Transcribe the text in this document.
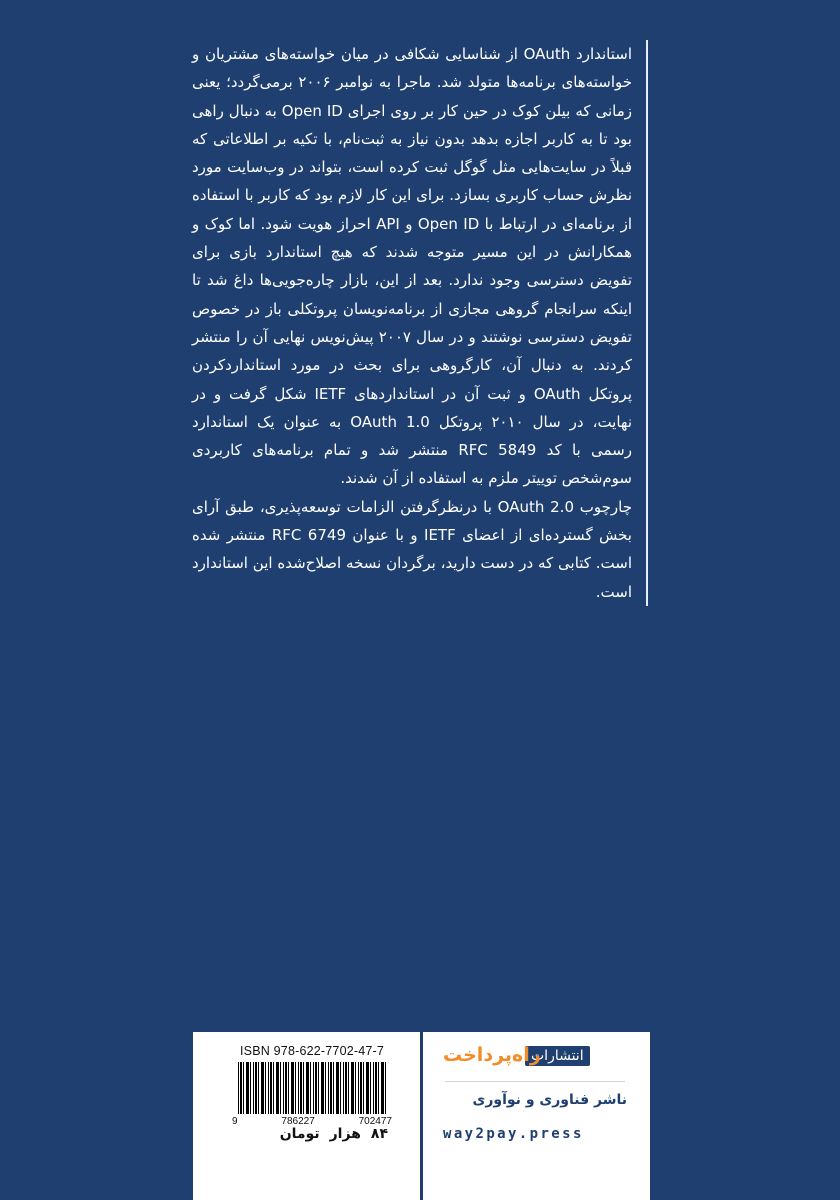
استاندارد OAuth از شناسایی شکافی در میان خواسته‌های مشتریان و خواسته‌های برنامه‌ها متولد شد. ماجرا به نوامبر ۲۰۰۶ برمی‌گردد؛ یعنی زمانی که بیلن کوک در حین کار بر روی اجرای Open ID به دنبال راهی بود تا به کاربر اجازه بدهد بدون نیاز به ثبت‌نام، با تکیه بر اطلاعاتی که قبلاً در سایت‌هایی مثل گوگل ثبت کرده است، بتواند در وب‌سایت مورد نظرش حساب کاربری بسازد. برای این کار لازم بود که کاربر با استفاده از برنامه‌ای در ارتباط با Open ID و API احراز هویت شود. اما کوک و همکارانش در این مسیر متوجه شدند که هیچ استاندارد بازی برای تفویض دسترسی وجود ندارد. بعد از این، بازار چاره‌جویی‌ها داغ شد تا اینکه سرانجام گروهی مجازی از برنامه‌نویسان پروتکلی باز در خصوص تفویض دسترسی نوشتند و در سال ۲۰۰۷ پیش‌نویس نهایی آن را منتشر کردند. به دنبال آن، کارگروهی برای بحث در مورد استانداردکردن پروتکل OAuth و ثبت آن در استانداردهای IETF شکل گرفت و در نهایت، در سال ۲۰۱۰ پروتکل OAuth 1.0 به عنوان یک استاندارد رسمی با کد RFC 5849 منتشر شد و تمام برنامه‌های کاربردی سوم‌شخص توییتر ملزم به استفاده از آن شدند.

چارچوب OAuth 2.0 با درنظرگرفتن الزامات توسعه‌پذیری، طبق آرای بخش گسترده‌ای از اعضای IETF و با عنوان RFC 6749 منتشر شده است. کتابی که در دست دارید، برگردان نسخه اصلاح‌شده این استاندارد است.

ISBN 978-622-7702-47-7
9	786227	702477
۸۴
هزار
تومان
انتشارات
راه‌پرداخت
ناشر فناوری و نوآوری
way2pay.press
